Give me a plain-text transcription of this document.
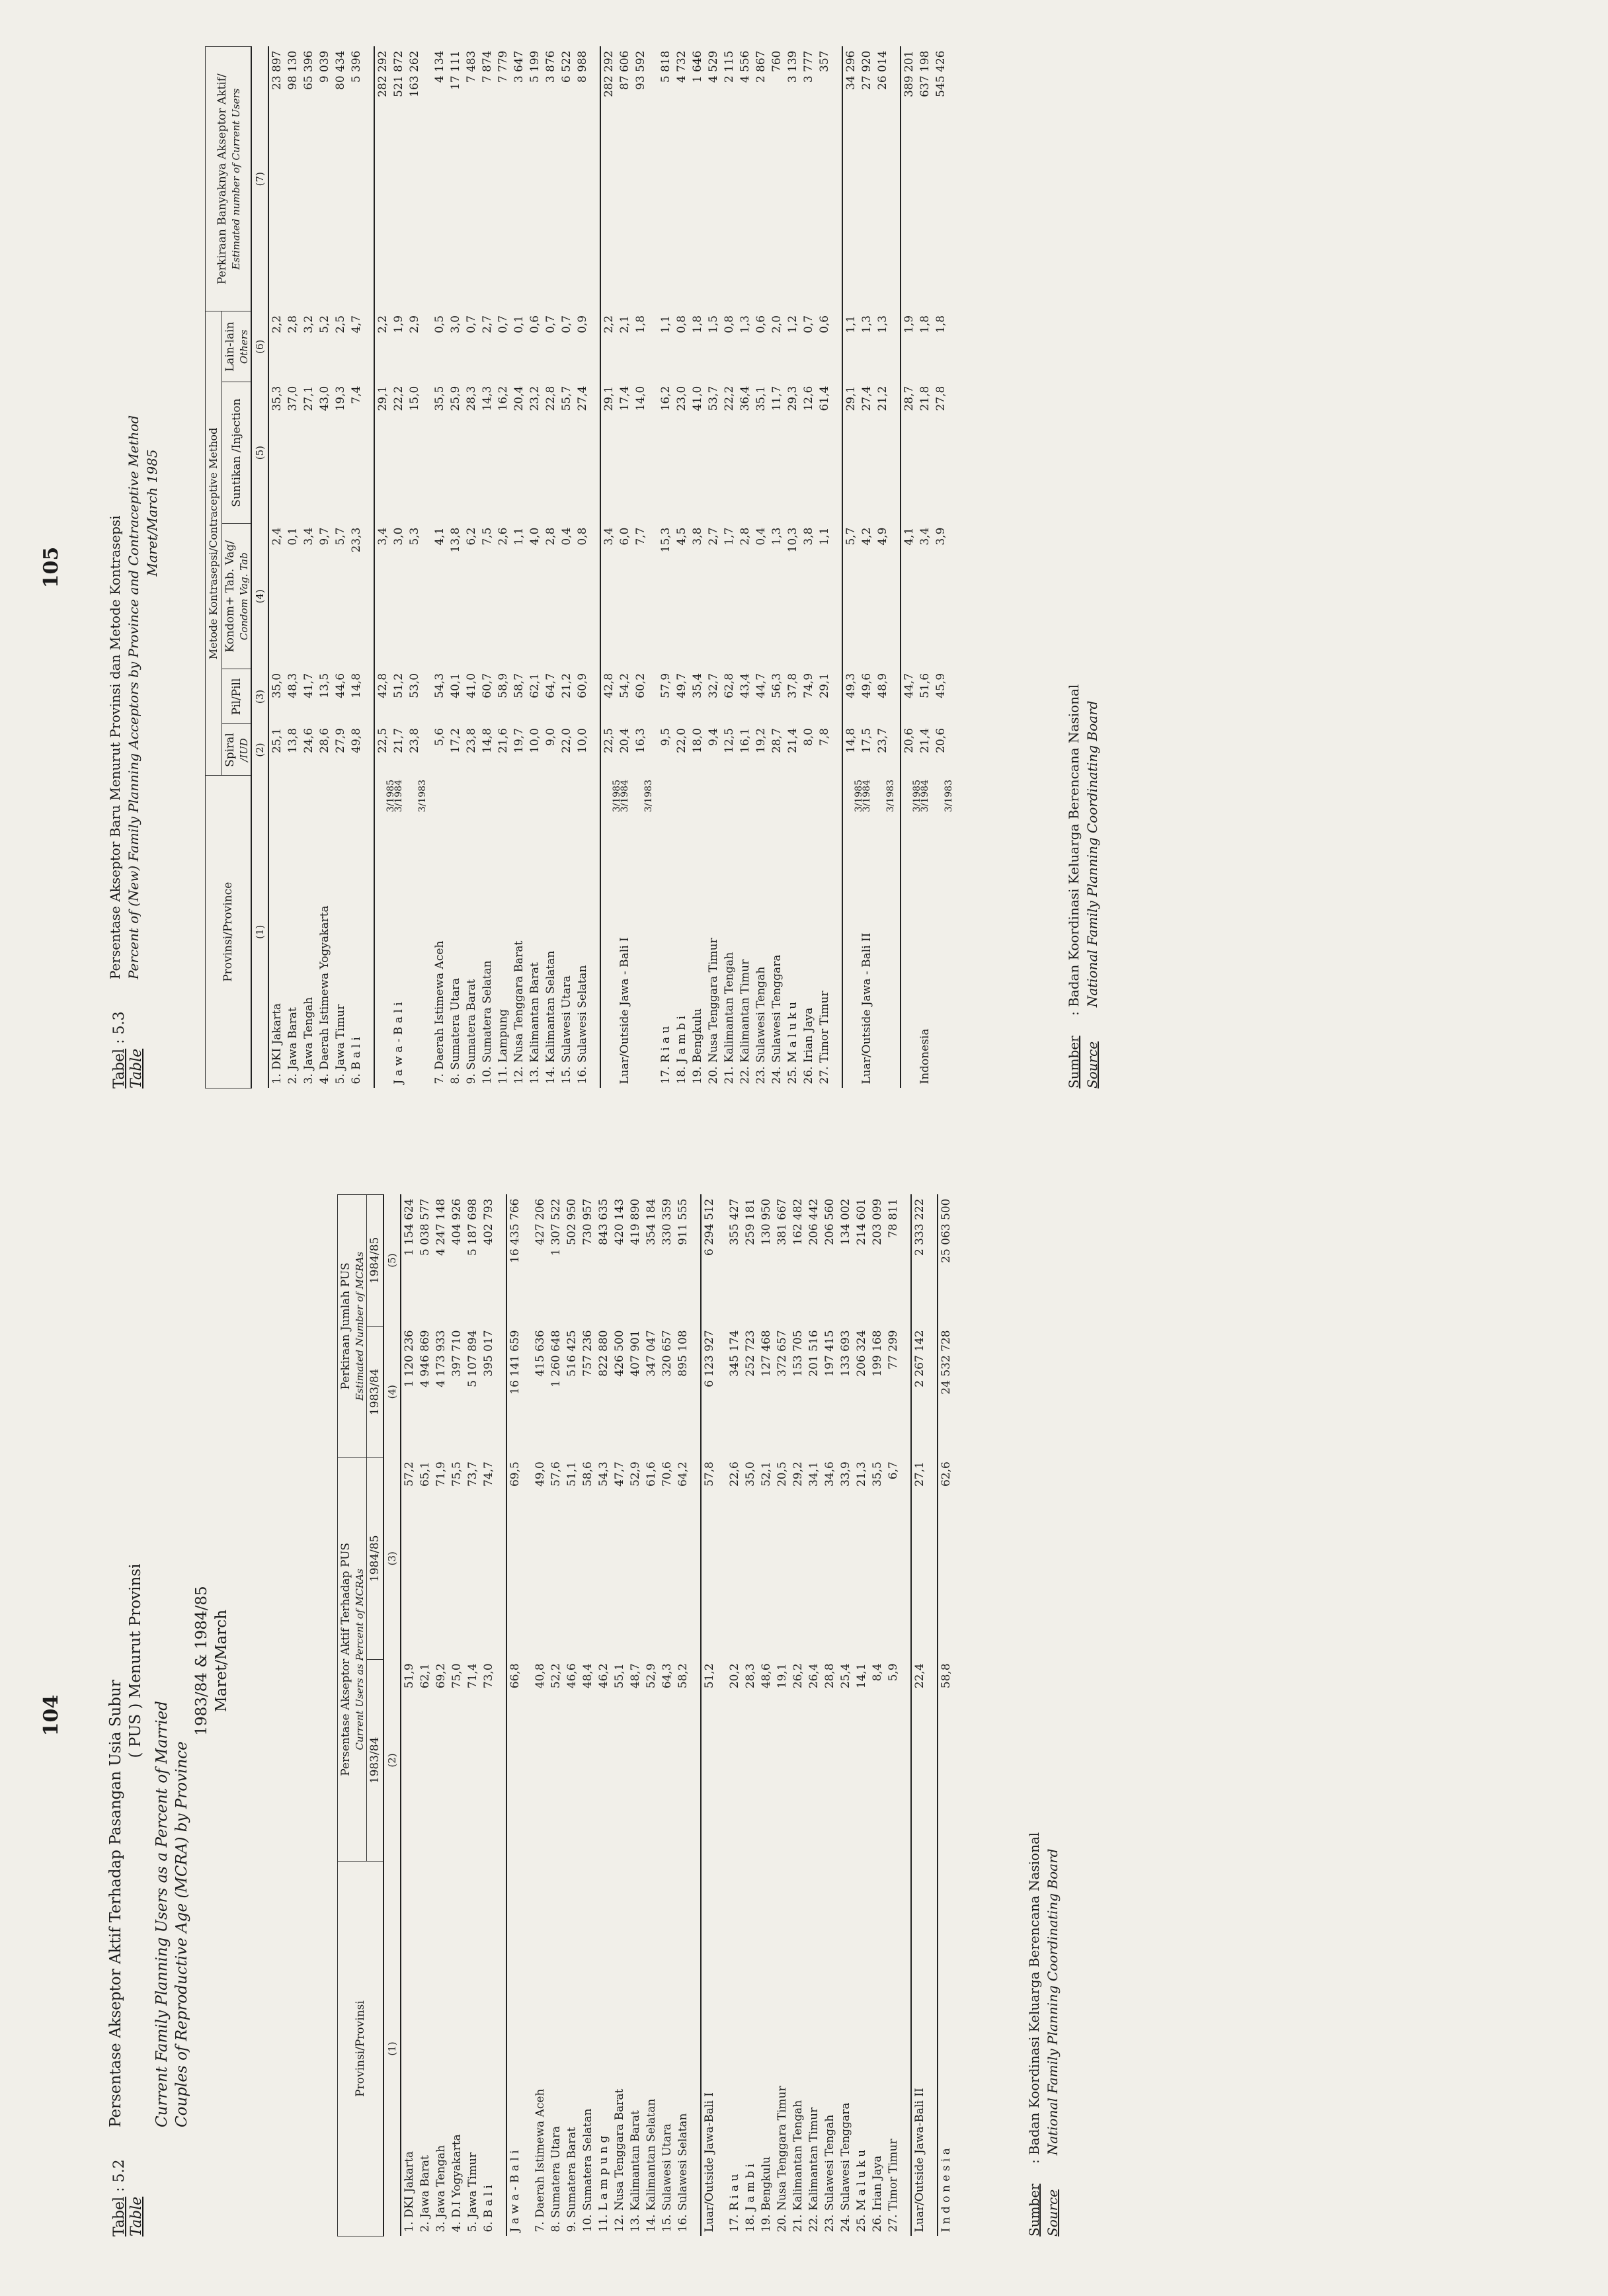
104
Tabel : 5.2
Table
Persentase Akseptor Aktif Terhadap Pasangan Usia Subur
( PUS ) Menurut Provinsi
Current Family Planning Users as a Percent of Married Couples of Reproductive Age (MCRA) by Province
1983/84 & 1984/85 Maret/March
Provinsi/Provinsi	Persentase Akseptor Aktif Terhadap PUS Current Users as Percent of MCRAs		Perkiraan Jumlah PUS Estimated Number of MCRAs	

	1983/84	1984/85	1983/84	1984/85
(1)	(2)	(3)	(4)	(5)
1. DKI Jakarta	51,9	57,2	1 120 236	1 154 624
2. Jawa Barat	62,1	65,1	4 946 869	5 038 577
3. Jawa Tengah	69,2	71,9	4 173 933	4 247 148
4. D.I Yogyakarta	75,0	75,5	397 710	404 926
5. Jawa Timur	71,4	73,7	5 107 894	5 187 698
6. B a l i	73,0	74,7	395 017	402 793

J a w a - B a l i	66,8	69,5	16 141 659	16 435 766

7. Daerah Istimewa Aceh	40,8	49,0	415 636	427 206
8. Sumatera Utara	52,2	57,6	1 260 648	1 307 522
9. Sumatera Barat	46,6	51,1	516 425	502 950
10. Sumatera Selatan	48,4	58,6	757 236	730 957
11. L a m p u n g	46,2	54,3	822 880	843 635
12. Nusa Tenggara Barat	55,1	47,7	426 500	420 143
13. Kalimantan Barat	48,7	52,9	407 901	419 890
14. Kalimantan Selatan	52,9	61,6	347 047	354 184
15. Sulawesi Utara	64,3	70,6	320 657	330 359
16. Sulawesi Selatan	58,2	64,2	895 108	911 555

Luar/Outside Jawa-Bali I	51,2	57,8	6 123 927	6 294 512

17. R i a u	20,2	22,6	345 174	355 427
18. J a m b i	28,3	35,0	252 723	259 181
19. Bengkulu	48,6	52,1	127 468	130 950
20. Nusa Tenggara Timur	19,1	20,5	372 657	381 667
21. Kalimantan Tengah	26,2	29,2	153 705	162 482
22. Kalimantan Timur	26,4	34,1	201 516	206 442
23. Sulawesi Tengah	28,8	34,6	197 415	206 560
24. Sulawesi Tenggara	25,4	33,9	133 693	134 002
25. M a l u k u	14,1	21,3	206 324	214 601
26. Irian Jaya	8,4	35,5	199 168	203 099
27. Timor Timur	5,9	6,7	77 299	78 811

Luar/Outside Jawa-Bali II	22,4	27,1	2 267 142	2 333 222

I n d o n e s i a	58,8	62,6	24 532 728	25 063 500
Sumber: Badan Koordinasi Keluarga Berencana Nasional
Source  National Family Planning Coordinating Board
105
Tabel : 5.3
Table
Persentase Akseptor Baru Menurut Provinsi dan Metode Kontrasepsi Percent of (New) Family Planning Acceptors by Province and Contraceptive Method Maret/March 1985
Provinsi/Province	Metode Kontrasepsi/Contraceptive Method					Perkiraan Banyaknya Akseptor Aktif/ Estimated number of Current Users

	Spiral /IUD	Pil/Pill	Kondom+ Tab. Vag/ Condom Vag. Tab	Suntikan /Injection	Lain-lain Others	

(1)	(2)	(3)	(4)	(5)	(6)	(7)
1. DKI Jakarta	25,1	35,0	2,4	35,3	2,2	23 897
2. Jawa Barat	13,8	48,3	0,1	37,0	2,8	98 130
3. Jawa Tengah	24,6	41,7	3,4	27,1	3,2	65 396
4. Daerah Istimewa Yogyakarta	28,6	13,5	9,7	43,0	5,2	9 039
5. Jawa Timur	27,9	44,6	5,7	19,3	2,5	80 434
6. B a l i	49,8	14,8	23,3	7,4	4,7	5 396

3/1985	22,5	42,8	3,4	29,1	2,2	282 292
J a w a - B a l i
3/1984	21,7	51,2	3,0	22,2	1,9	521 872

3/1983	23,8	53,0	5,3	15,0	2,9	163 262

7. Daerah Istimewa Aceh	5,6	54,3	4,1	35,5	0,5	4 134
8. Sumatera Utara	17,2	40,1	13,8	25,9	3,0	17 111
9. Sumatera Barat	23,8	41,0	6,2	28,3	0,7	7 483
10. Sumatera Selatan	14,8	60,7	7,5	14,3	2,7	7 874
11. Lampung	21,6	58,9	2,6	16,2	0,7	7 779
12. Nusa Tenggara Barat	19,7	58,7	1,1	20,4	0,1	3 647
13. Kalimantan Barat	10,0	62,1	4,0	23,2	0,6	5 199
14. Kalimantan Selatan	9,0	64,7	2,8	22,8	0,7	3 876
15. Sulawesi Utara	22,0	21,2	0,4	55,7	0,7	6 522
16. Sulawesi Selatan	10,0	60,9	0,8	27,4	0,9	8 988

3/1985	22,5	42,8	3,4	29,1	2,2	282 292
Luar/Outside Jawa - Bali I
3/1984	20,4	54,2	6,0	17,4	2,1	87 606

3/1983	16,3	60,2	7,7	14,0	1,8	93 592

17. R i a u	9,5	57,9	15,3	16,2	1,1	5 818
18. J a m b i	22,0	49,7	4,5	23,0	0,8	4 732
19. Bengkulu	18,0	35,4	3,8	41,0	1,8	1 646
20. Nusa Tenggara Timur	9,4	32,7	2,7	53,7	1,5	4 529
21. Kalimantan Tengah	12,5	62,8	1,7	22,2	0,8	2 115
22. Kalimantan Timur	16,1	43,4	2,8	36,4	1,3	4 556
23. Sulawesi Tengah	19,2	44,7	0,4	35,1	0,6	2 867
24. Sulawesi Tenggara	28,7	56,3	1,3	11,7	2,0	760
25. M a l u k u	21,4	37,8	10,3	29,3	1,2	3 139
26. Irian Jaya	8,0	74,9	3,8	12,6	0,7	3 777
27. Timor Timur	7,8	29,1	1,1	61,4	0,6	357

3/1985	14,8	49,3	5,7	29,1	1,1	34 296
Luar/Outside Jawa - Bali II
3/1984	17,5	49,6	4,2	27,4	1,3	27 920

3/1983	23,7	48,9	4,9	21,2	1,3	26 014

3/1985	20,6	44,7	4,1	28,7	1,9	389 201
Indonesia
3/1984	21,4	51,6	3,4	21,8	1,8	637 198

3/1983	20,6	45,9	3,9	27,8	1,8	545 426
Sumber: Badan Koordinasi Keluarga Berencana Nasional
Source  National Family Planning Coordinating Board
